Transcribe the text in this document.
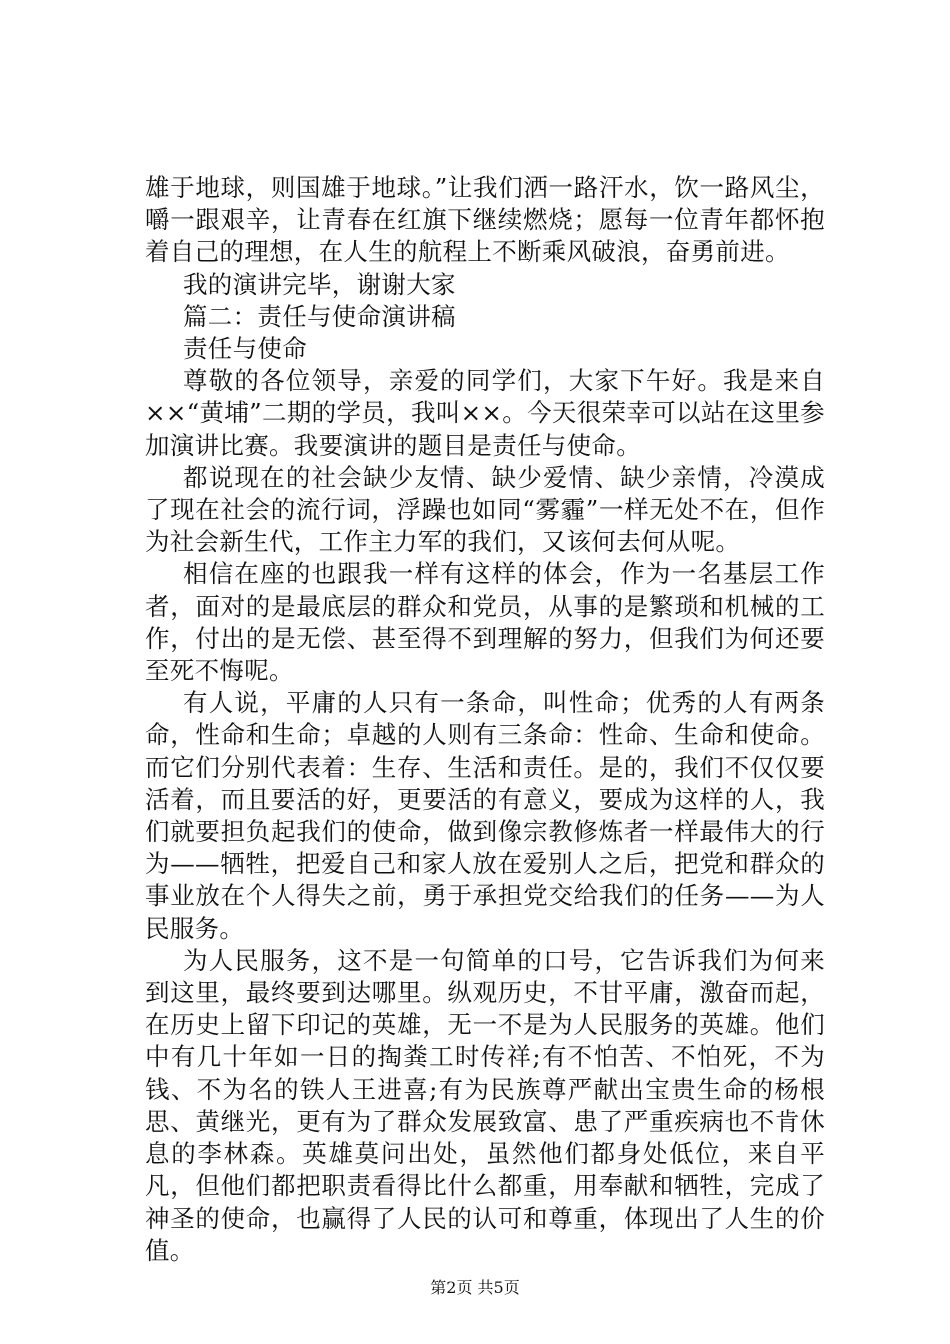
雄于地球，则国雄于地球。”让我们洒一路汗水，饮一路风尘，嚼一跟艰辛，让青春在红旗下继续燃烧；愿每一位青年都怀抱着自己的理想，在人生的航程上不断乘风破浪，奋勇前进。

我的演讲完毕，谢谢大家

篇二：责任与使命演讲稿

责任与使命

尊敬的各位领导，亲爱的同学们，大家下午好。我是来自××“黄埔”二期的学员，我叫××。今天很荣幸可以站在这里参加演讲比赛。我要演讲的题目是责任与使命。

都说现在的社会缺少友情、缺少爱情、缺少亲情，冷漠成了现在社会的流行词，浮躁也如同“雾霾”一样无处不在，但作为社会新生代，工作主力军的我们，又该何去何从呢。

相信在座的也跟我一样有这样的体会，作为一名基层工作者，面对的是最底层的群众和党员，从事的是繁琐和机械的工作，付出的是无偿、甚至得不到理解的努力，但我们为何还要至死不悔呢。

有人说，平庸的人只有一条命，叫性命；优秀的人有两条命，性命和生命；卓越的人则有三条命：性命、生命和使命。而它们分别代表着：生存、生活和责任。是的，我们不仅仅要活着，而且要活的好，更要活的有意义，要成为这样的人，我们就要担负起我们的使命，做到像宗教修炼者一样最伟大的行为——牺牲，把爱自己和家人放在爱别人之后，把党和群众的事业放在个人得失之前，勇于承担党交给我们的任务——为人民服务。

为人民服务，这不是一句简单的口号，它告诉我们为何来到这里，最终要到达哪里。纵观历史，不甘平庸，激奋而起，在历史上留下印记的英雄，无一不是为人民服务的英雄。他们中有几十年如一日的掏粪工时传祥;有不怕苦、不怕死，不为钱、不为名的铁人王进喜;有为民族尊严献出宝贵生命的杨根思、黄继光，更有为了群众发展致富、患了严重疾病也不肯休息的李林森。英雄莫问出处，虽然他们都身处低位，来自平凡，但他们都把职责看得比什么都重，用奉献和牺牲，完成了神圣的使命，也赢得了人民的认可和尊重，体现出了人生的价值。

第2页 共5页
